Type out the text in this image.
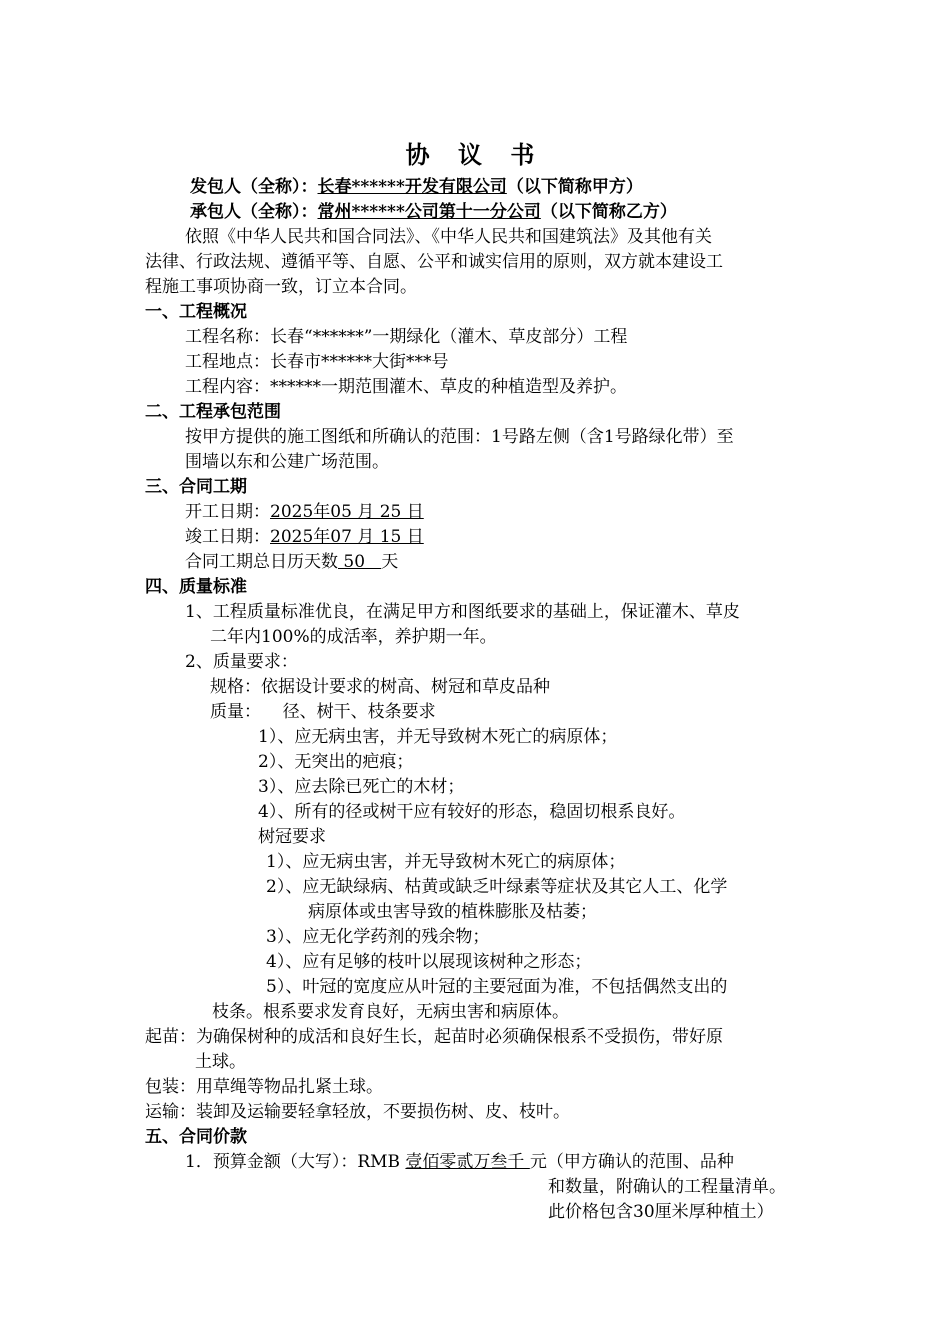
协 议 书
发包人（全称）：长春******开发有限公司（以下简称甲方）
承包人（全称）：常州******公司第十一分公司（以下简称乙方）
依照《中华人民共和国合同法》、《中华人民共和国建筑法》及其他有关
法律、行政法规、遵循平等、自愿、公平和诚实信用的原则，双方就本建设工
程施工事项协商一致，订立本合同。
一、工程概况
工程名称：长春“******”一期绿化（灌木、草皮部分）工程
工程地点：长春市******大街***号
工程内容：******一期范围灌木、草皮的种植造型及养护。
二、工程承包范围
按甲方提供的施工图纸和所确认的范围：1号路左侧（含1号路绿化带）至
围墙以东和公建广场范围。
三、合同工期
开工日期：2025年05 月 25 日
竣工日期：2025年07 月 15 日
合同工期总日历天数 50   天
四、质量标准
1、工程质量标准优良，在满足甲方和图纸要求的基础上，保证灌木、草皮
二年内100%的成活率，养护期一年。
2、质量要求：
规格：依据设计要求的树高、树冠和草皮品种
质量：    径、树干、枝条要求
1）、应无病虫害，并无导致树木死亡的病原体；
2）、无突出的疤痕；
3）、应去除已死亡的木材；
4）、所有的径或树干应有较好的形态，稳固切根系良好。
树冠要求
1）、应无病虫害，并无导致树木死亡的病原体；
2）、应无缺绿病、枯黄或缺乏叶绿素等症状及其它人工、化学
病原体或虫害导致的植株膨胀及枯萎；
3）、应无化学药剂的残余物；
4）、应有足够的枝叶以展现该树种之形态；
5）、叶冠的宽度应从叶冠的主要冠面为准，不包括偶然支出的
枝条。根系要求发育良好，无病虫害和病原体。
起苗：为确保树种的成活和良好生长，起苗时必须确保根系不受损伤，带好原
土球。
包装：用草绳等物品扎紧土球。
运输：装卸及运输要轻拿轻放，不要损伤树、皮、枝叶。
五、合同价款
1．预算金额（大写）：RMB 壹佰零贰万叁千 元（甲方确认的范围、品种
和数量，附确认的工程量清单。
此价格包含30厘米厚种植土）
